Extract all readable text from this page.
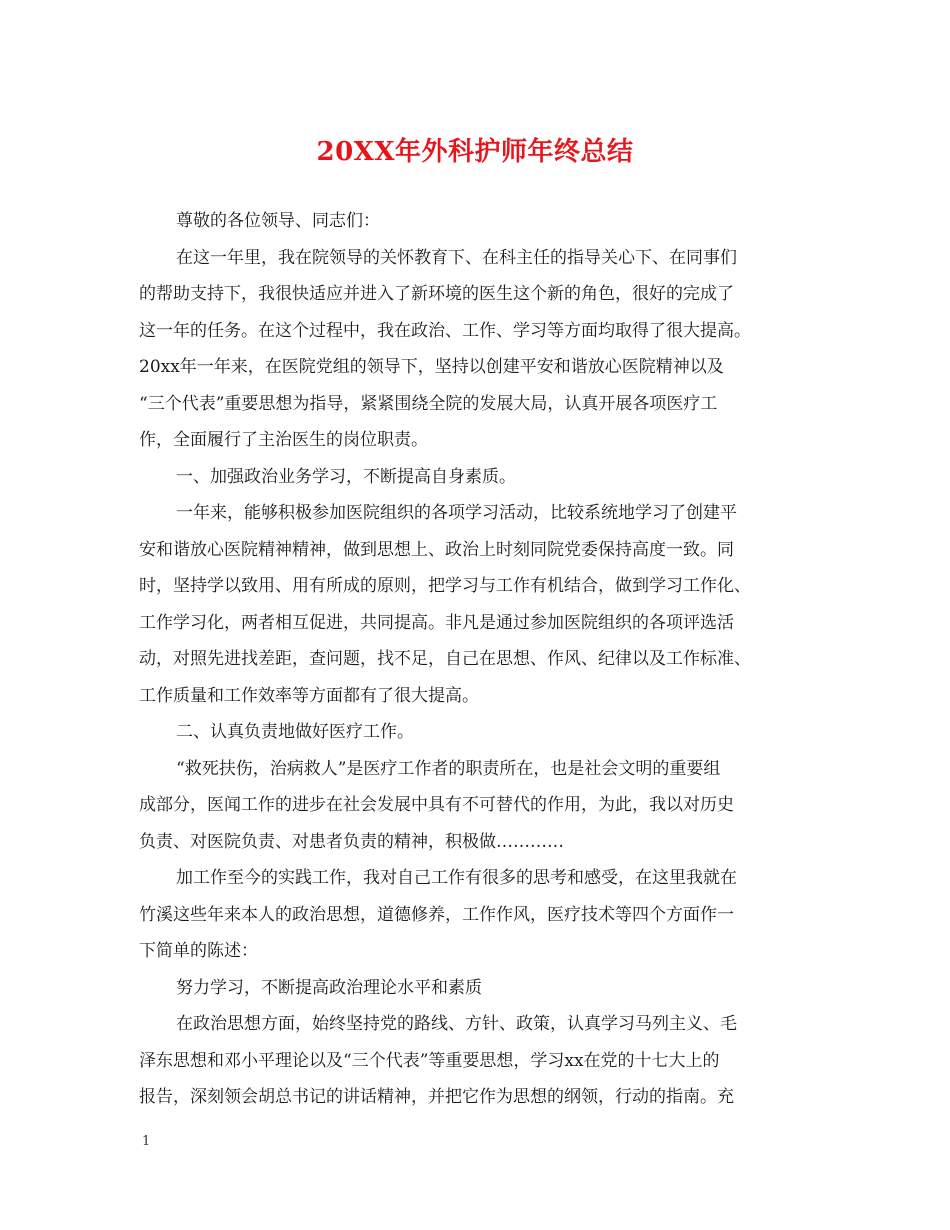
20XX年外科护师年终总结
尊敬的各位领导、同志们：
在这一年里，我在院领导的关怀教育下、在科主任的指导关心下、在同事们
的帮助支持下，我很快适应并进入了新环境的医生这个新的角色，很好的完成了
这一年的任务。在这个过程中，我在政治、工作、学习等方面均取得了很大提高。
20xx年一年来，在医院党组的领导下，坚持以创建平安和谐放心医院精神以及
“三个代表”重要思想为指导，紧紧围绕全院的发展大局，认真开展各项医疗工
作，全面履行了主治医生的岗位职责。
一、加强政治业务学习，不断提高自身素质。
一年来，能够积极参加医院组织的各项学习活动，比较系统地学习了创建平
安和谐放心医院精神精神，做到思想上、政治上时刻同院党委保持高度一致。同
时，坚持学以致用、用有所成的原则，把学习与工作有机结合，做到学习工作化、
工作学习化，两者相互促进，共同提高。非凡是通过参加医院组织的各项评选活
动，对照先进找差距，查问题，找不足，自己在思想、作风、纪律以及工作标准、
工作质量和工作效率等方面都有了很大提高。
二、认真负责地做好医疗工作。
“救死扶伤，治病救人”是医疗工作者的职责所在，也是社会文明的重要组
成部分，医闻工作的进步在社会发展中具有不可替代的作用，为此，我以对历史
负责、对医院负责、对患者负责的精神，积极做…………
加工作至今的实践工作，我对自己工作有很多的思考和感受，在这里我就在
竹溪这些年来本人的政治思想，道德修养，工作作风，医疗技术等四个方面作一
下简单的陈述：
努力学习，不断提高政治理论水平和素质
在政治思想方面，始终坚持党的路线、方针、政策，认真学习马列主义、毛
泽东思想和邓小平理论以及“三个代表”等重要思想，学习xx在党的十七大上的
报告，深刻领会胡总书记的讲话精神，并把它作为思想的纲领，行动的指南。充
1
